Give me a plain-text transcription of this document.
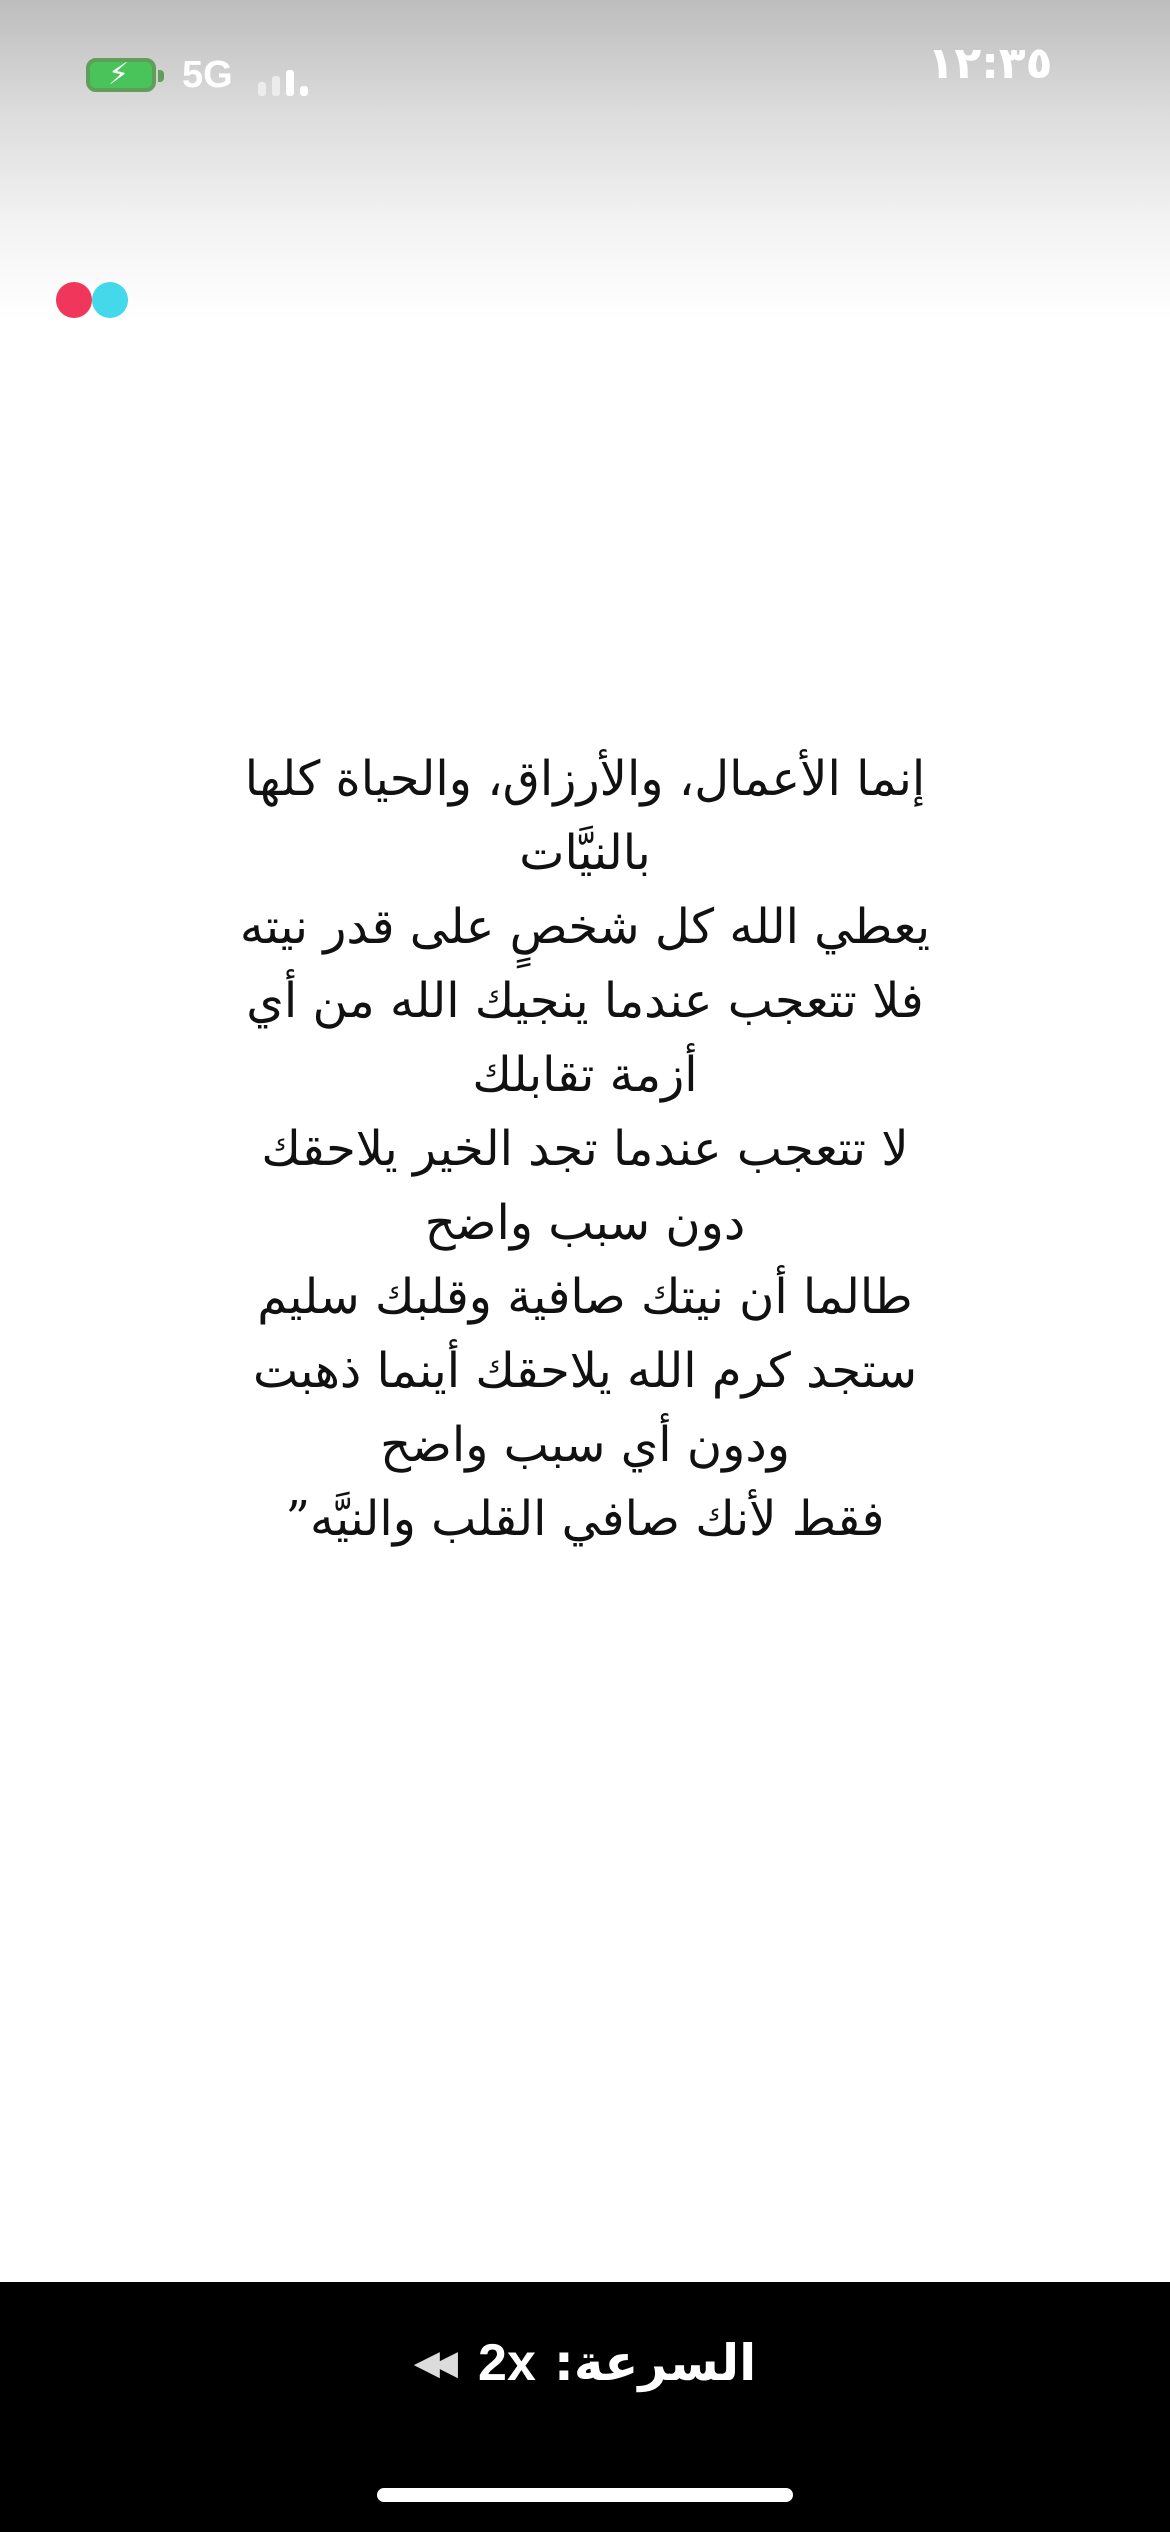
⚡ 5G	١٢:٣٥
إنما الأعمال، والأرزاق، والحياة كلها
بالنيَّات
يعطي الله كل شخصٍ على قدر نيته
فلا تتعجب عندما ينجيك الله من أي
أزمة تقابلك
لا تتعجب عندما تجد الخير يلاحقك
دون سبب واضح
طالما أن نيتك صافية وقلبك سليم
ستجد كرم الله يلاحقك أينما ذهبت
ودون أي سبب واضح
فقط لأنك صافي القلب والنيَّه”
◀◀ 2x السرعة:
